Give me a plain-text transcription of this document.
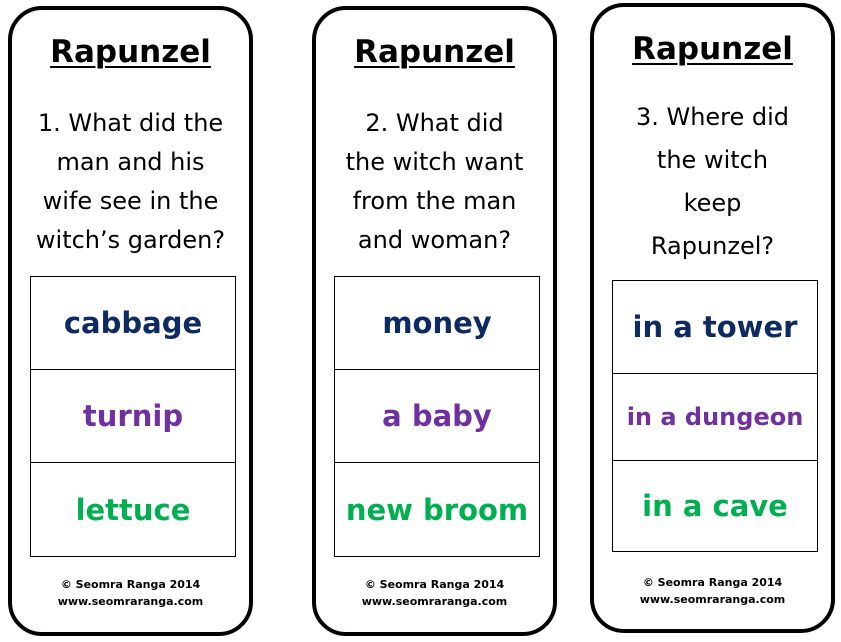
Rapunzel
1. What did the
man and his
wife see in the
witch’s garden?
cabbage
turnip
lettuce
© Seomra Ranga 2014
www.seomraranga.com
Rapunzel
2. What did
the witch want
from the man
and woman?
money
a baby
new broom
© Seomra Ranga 2014
www.seomraranga.com
Rapunzel
3. Where did
the witch
keep
Rapunzel?
in a tower
in a dungeon
in a cave
© Seomra Ranga 2014
www.seomraranga.com
